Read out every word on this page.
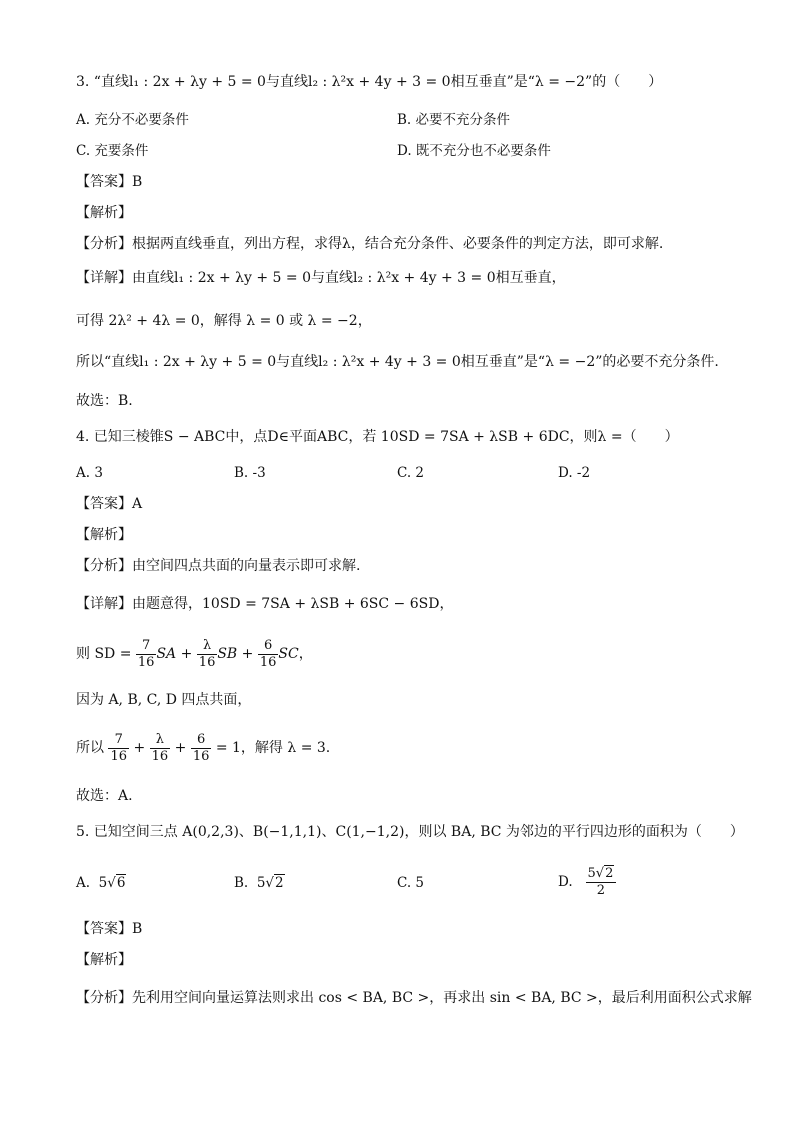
3. “直线l₁ : 2x + λy + 5 = 0与直线l₂ : λ²x + 4y + 3 = 0相互垂直”是“λ = −2”的（　　）
A. 充分不必要条件	B. 必要不充分条件
C. 充要条件	D. 既不充分也不必要条件
【答案】B
【解析】
【分析】根据两直线垂直，列出方程，求得λ，结合充分条件、必要条件的判定方法，即可求解.
【详解】由直线l₁ : 2x + λy + 5 = 0与直线l₂ : λ²x + 4y + 3 = 0相互垂直，
可得 2λ² + 4λ = 0，解得 λ = 0 或 λ = −2，
所以“直线l₁ : 2x + λy + 5 = 0与直线l₂ : λ²x + 4y + 3 = 0相互垂直”是“λ = −2”的必要不充分条件.
故选：B.
4. 已知三棱锥S − ABC中，点D∈平面ABC，若 10SD = 7SA + λSB + 6DC，则λ =（　　）
A. 3	B. -3	C. 2	D. -2
【答案】A
【解析】
【分析】由空间四点共面的向量表示即可求解.
【详解】由题意得，10SD = 7SA + λSB + 6SC − 6SD，
则 SD = $\frac{7}{16}$ SA + $\frac{\lambda}{16}$ SB + $\frac{6}{16}$ SC，
因为 A, B, C, D 四点共面，
所以 $\frac{7}{16} + \frac{\lambda}{16} + \frac{6}{16} = 1$，解得 λ = 3.
故选：A.
5. 已知空间三点 A(0,2,3)、B(−1,1,1)、C(1,−1,2)，则以 BA, BC 为邻边的平行四边形的面积为（　　）
A. 5√6	B. 5√2	C. 5	D. $\frac{5√2}{2}$
【答案】B
【解析】
【分析】先利用空间向量运算法则求出 cos < BA, BC >，再求出 sin < BA, BC >，最后利用面积公式求解
